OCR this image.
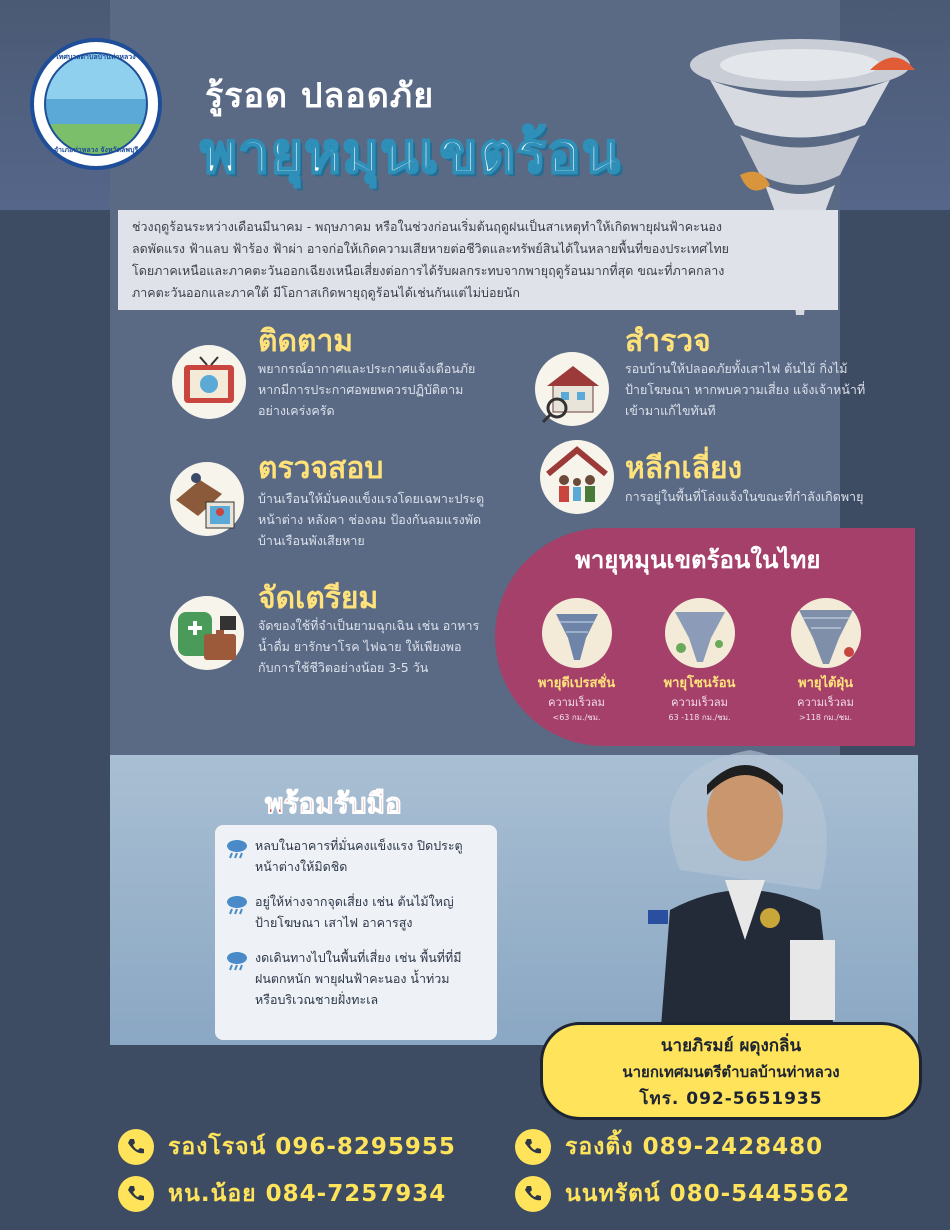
เทศบาลตำบลบ้านท่าหลวง
อำเภอท่าหลวง จังหวัดลพบุรี
รู้รอด ปลอดภัย
พายุหมุนเขตร้อน
ช่วงฤดูร้อนระหว่างเดือนมีนาคม - พฤษภาคม หรือในช่วงก่อนเริ่มต้นฤดูฝนเป็นสาเหตุทำให้เกิดพายุฝนฟ้าคะนอง
ลดพัดแรง ฟ้าแลบ ฟ้าร้อง ฟ้าผ่า อาจก่อให้เกิดความเสียหายต่อชีวิตและทรัพย์สินได้ในหลายพื้นที่ของประเทศไทย
โดยภาคเหนือและภาคตะวันออกเฉียงเหนือเสี่ยงต่อการได้รับผลกระทบจากพายุฤดูร้อนมากที่สุด ขณะที่ภาคกลาง
ภาคตะวันออกและภาคใต้ มีโอกาสเกิดพายุฤดูร้อนได้เช่นกันแต่ไม่บ่อยนัก
ติดตาม
พยากรณ์อากาศและประกาศแจ้งเตือนภัย
หากมีการประกาศอพยพควรปฏิบัติตาม
อย่างเคร่งครัด
สำรวจ
รอบบ้านให้ปลอดภัยทั้งเสาไฟ ต้นไม้ กิ่งไม้
ป้ายโฆษณา หากพบความเสี่ยง แจ้งเจ้าหน้าที่
เข้ามาแก้ไขทันที
ตรวจสอบ
บ้านเรือนให้มั่นคงแข็งแรงโดยเฉพาะประตู
หน้าต่าง หลังคา ช่องลม ป้องกันลมแรงพัด
บ้านเรือนพังเสียหาย
หลีกเลี่ยง
การอยู่ในพื้นที่โล่งแจ้งในขณะที่กำลังเกิดพายุ
จัดเตรียม
จัดของใช้ที่จำเป็นยามฉุกเฉิน เช่น อาหาร
น้ำดื่ม ยารักษาโรค ไฟฉาย ให้เพียงพอ
กับการใช้ชีวิตอย่างน้อย 3-5 วัน
พายุหมุนเขตร้อนในไทย
พายุดีเปรสชั่น
ความเร็วลม
<63 กม./ชม.
พายุโซนร้อน
ความเร็วลม
63 -118 กม./ชม.
พายุไต้ฝุ่น
ความเร็วลม
>118 กม./ชม.
พร้อมรับมือ
หลบในอาคารที่มั่นคงแข็งแรง ปิดประตู
หน้าต่างให้มิดชิด
อยู่ให้ห่างจากจุดเสี่ยง เช่น ต้นไม้ใหญ่
ป้ายโฆษณา เสาไฟ อาคารสูง
งดเดินทางไปในพื้นที่เสี่ยง เช่น พื้นที่ที่มี
ฝนตกหนัก พายุฝนฟ้าคะนอง น้ำท่วม
หรือบริเวณชายฝั่งทะเล
นายภิรมย์ ผดุงกลิ่น
นายกเทศมนตรีตำบลบ้านท่าหลวง
โทร. 092-5651935
รองโรจน์ 096-8295955	รองติ้ง 089-2428480
หน.น้อย 084-7257934	นนทรัตน์ 080-5445562
